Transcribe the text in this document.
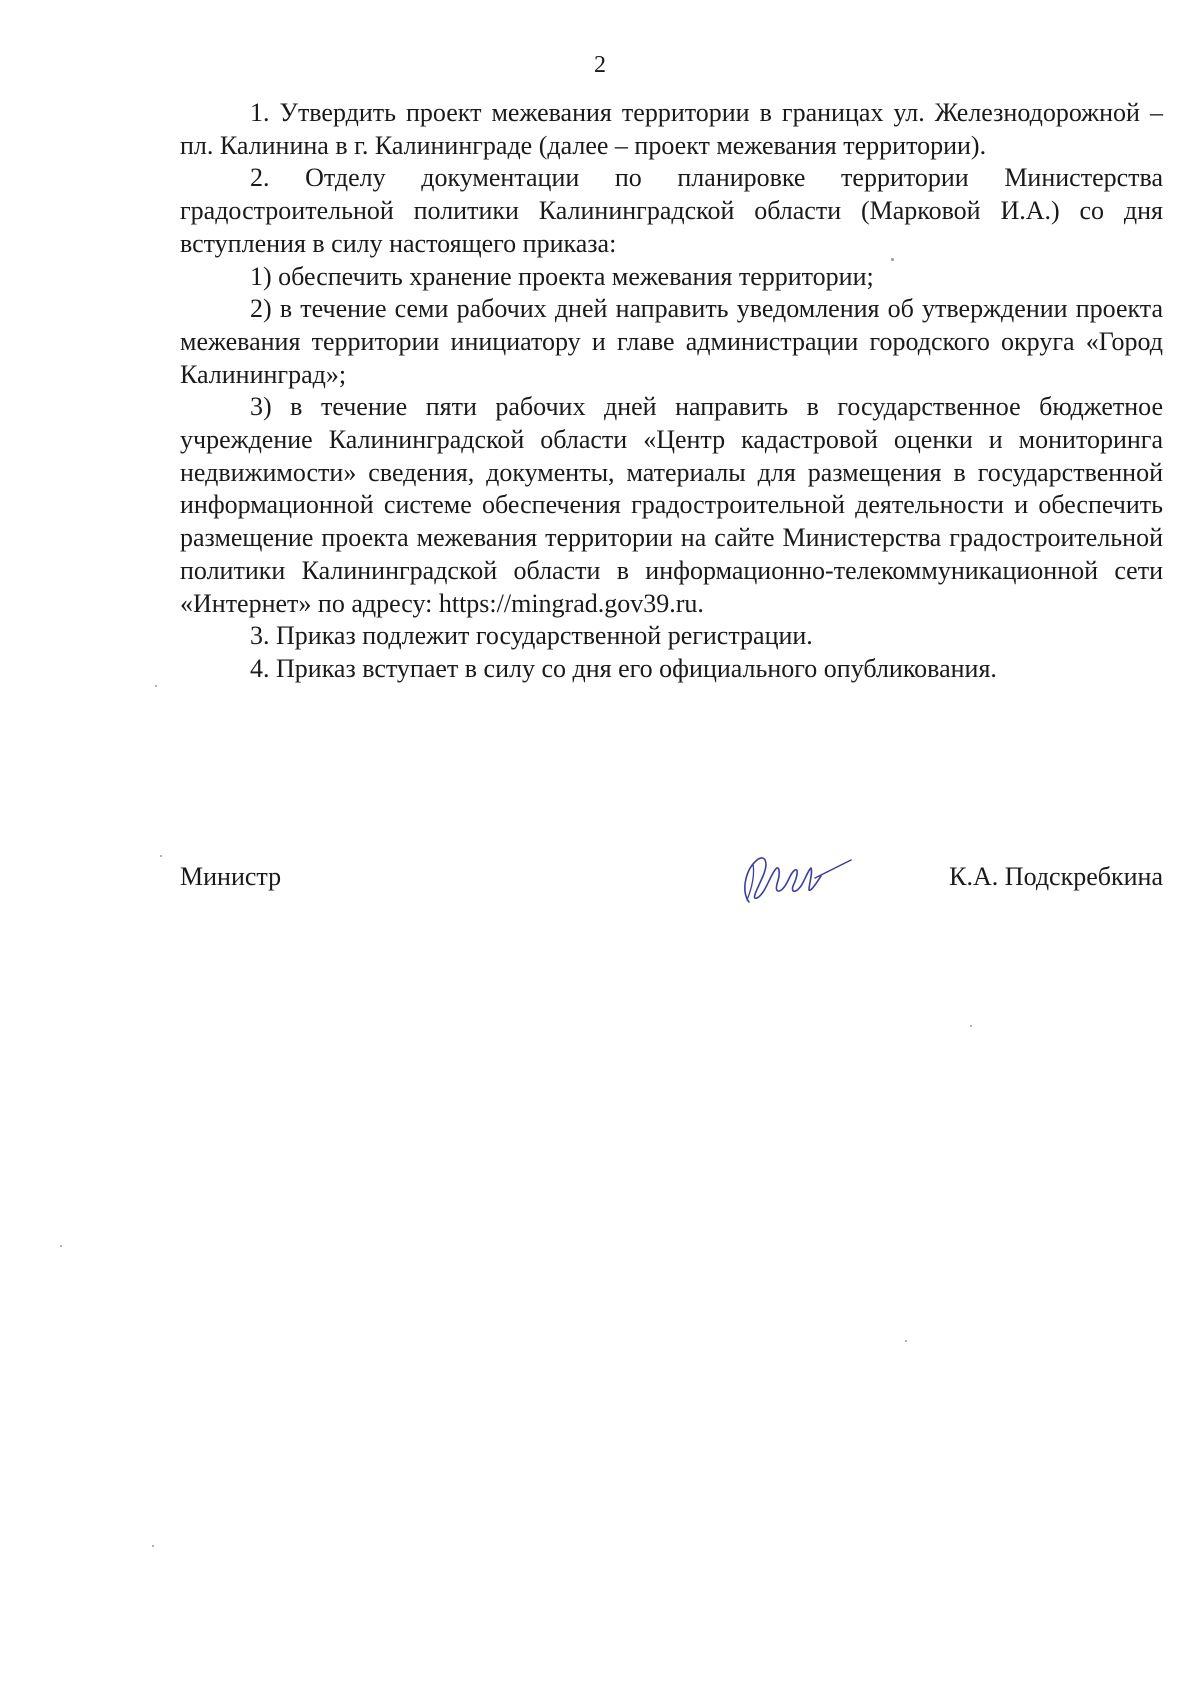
2

1. Утвердить проект межевания территории в границах ул. Железнодорожной – пл. Калинина в г. Калининграде (далее – проект межевания территории).

2. Отделу документации по планировке территории Министерства градостроительной политики Калининградской области (Марковой И.А.) со дня вступления в силу настоящего приказа:

1) обеспечить хранение проекта межевания территории;

2) в течение семи рабочих дней направить уведомления об утверждении проекта межевания территории инициатору и главе администрации городского округа «Город Калининград»;

3) в течение пяти рабочих дней направить в государственное бюджетное учреждение Калининградской области «Центр кадастровой оценки и мониторинга недвижимости» сведения, документы, материалы для размещения в государственной информационной системе обеспечения градостроительной деятельности и обеспечить размещение проекта межевания территории на сайте Министерства градостроительной политики Калининградской области в информационно-телекоммуникационной сети «Интернет» по адресу: https://mingrad.gov39.ru.

3. Приказ подлежит государственной регистрации.

4. Приказ вступает в силу со дня его официального опубликования.

Министр	К.А. Подскребкина
